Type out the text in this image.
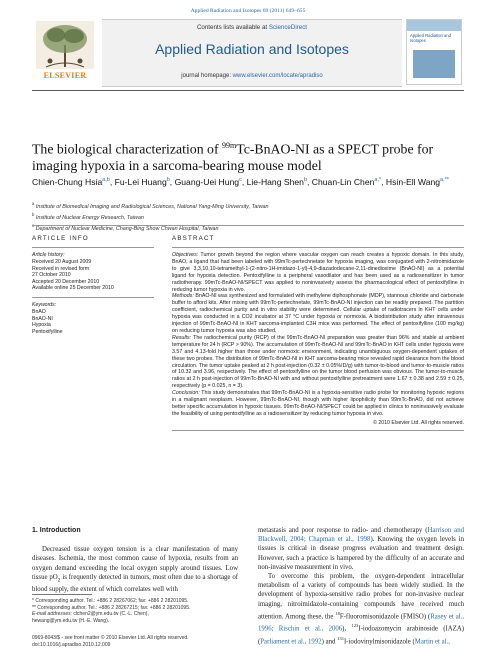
Applied Radiation and Isotopes 69 (2011) 649–655
ELSEVIER
Contents lists available at ScienceDirect
Applied Radiation and Isotopes
journal homepage: www.elsevier.com/locate/apradiso
Applied Radiation and Isotopes
The biological characterization of $^{99m}$Tc-BnAO-NI as a SPECT probe for imaging hypoxia in a sarcoma-bearing mouse model
Chien-Chung Hsia$^{a,b}$, Fu-Lei Huang$^b$, Guang-Uei Hung$^c$, Lie-Hang Shen$^b$, Chuan-Lin Chen$^{a,*}$, Hsin-Ell Wang$^{a,**}$
$^a$ Institute of Biomedical Imaging and Radiological Sciences, National Yang-Ming University, Taiwan
$^b$ Institute of Nuclear Energy Research, Taiwan
$^c$ Department of Nuclear Medicine, Chang-Bing Show Chwan Hospital, Taiwan
ARTICLE INFO
Article history:
Received 20 August 2009
Received in revised form
27 October 2010
Accepted 20 December 2010
Available online 25 December 2010
Keywords:
BnAO
BnAO-NI
Hypoxia
Pentoxifylline
ABSTRACT

Objectives: Tumor growth beyond the region where vascular oxygen can reach creates a hypoxic domain. In this study, BnAO, a ligand that had been labeled with 99mTc-pertechnetate for hypoxia imaging, was conjugated with 2-nitroimidazole to give 3,3,10,10-tetramethyl-1-(2-nitro-1H-imidazo-1-yl)-4,9-diazadodecane-2,11-dinedioxime (BnAO-NI) as a potential ligand for hypoxia detection. Pentoxifylline is a peripheral vasodilator and has been used as a radiosensitizer in tumor radiotherapy. 99mTc-BnAO-NI/SPECT was applied to noninvasively assess the pharmacological effect of pentoxifylline in reducing tumor hypoxia in vivo.

Methods: BnAO-NI was synthesized and formulated with methylene diphosphonate (MDP), stannous chloride and carbonate buffer to afford kits. After mixing with 99mTc-pertechnetate, 99mTc-BnAO-NI injection can be readily prepared. The partition coefficient, radiochemical purity and in vitro stability were determined. Cellular uptake of radiotracers in KHT cells under hypoxia was conducted in a CO2 incubator at 37 °C under hypoxia or normoxia. A biodistribution study after intravenous injection of 99mTc-BnAO-NI in KHT sarcoma-implanted C3H mice was performed. The effect of pentoxifylline (100 mg/kg) on reducing tumor hypoxia was also studied.

Results: The radiochemical purity (RCP) of the 99mTc-BnAO-NI preparation was greater than 96% and stable at ambient temperature for 24 h (RCP > 90%). The accumulation of 99mTc-BnAO-NI and 99mTc-BnAO in KHT cells under hypoxia were 3.57 and 4.13-fold higher than those under normoxic environment, indicating unambiguous oxygen-dependent uptakes of these two probes. The distribution of 99mTc-BnAO-NI in KHT sarcoma-bearing mice revealed rapid clearance from the blood circulation. The tumor uptake peaked at 2 h post-injection (0.32 ± 0.05%ID/g) with tumor-to-blood and tumor-to-muscle ratios of 10.32 and 3.96, respectively. The effect of pentoxifylline on the tumor blood perfusion was obvious. The tumor-to-muscle ratios at 2 h post-injection of 99mTc-BnAO-NI with and without pentoxifylline pretreatment were 1.67 ± 0.38 and 2.59 ± 0.25, respectively (p = 0.025, n = 3).

Conclusion: This study demonstrates that 99mTc-BnAO-NI is a hypoxia-sensitive radio probe for monitoring hypoxic regions in a malignant neoplasm. However, 99mTc-BnAO-NI, though with higher lipophilicity than 99mTc-BnAO, did not achieve better specific accumulation in hypoxic tissues. 99mTc-BnAO-NI/SPECT could be applied in clinics to noninvasively evaluate the feasibility of using pentoxifylline as a radiosensitizer by reducing tumor hypoxia in vivo.

© 2010 Elsevier Ltd. All rights reserved.
1. Introduction

Decreased tissue oxygen tension is a clear manifestation of many diseases. Ischemia, the most common cause of hypoxia, results from an oxygen demand exceeding the local oxygen supply around tissues. Low tissue $pO_2$ is frequently detected in tumors, most often due to a shortage of blood supply, the extent of which correlates well with

metastasis and poor response to radio- and chemotherapy (Harrison and Blackwell, 2004; Chapman et al., 1998). Knowing the oxygen levels in tissues is critical in disease progress evaluation and treatment design. However, such a practice is hampered by the difficulty of an accurate and non-invasive measurement in vivo.

To overcome this problem, the oxygen-dependent intracellular metabolism of a variety of compounds has been widely studied. In the development of hypoxia-sensitive radio probes for non-invasive nuclear imaging, nitroimidazole-containing compounds have received much attention. Among these, the $^{18}$F-fluoromisonidazole (FMISO) (Rasey et al., 1996; Rischin et al., 2006), $^{123}$I-iodoazomycin arabinoside (IAZA) (Parliament et al., 1992) and $^{131}$I-iodovinylmisonidazole (Martin et al.,

* Corresponding author. Tel.: +886 2 28267062; fax: +886 2 28201095.
** Corresponding author. Tel.: +886 2 28267215; fax: +886 2 28201095.
E-mail addresses: clchen2@ym.edu.tw (C.-L. Chen),
hewang@ym.edu.tw (H.-E. Wang).
0969-8043/$ - see front matter © 2010 Elsevier Ltd. All rights reserved.
doi:10.1016/j.apradiso.2010.12.009
